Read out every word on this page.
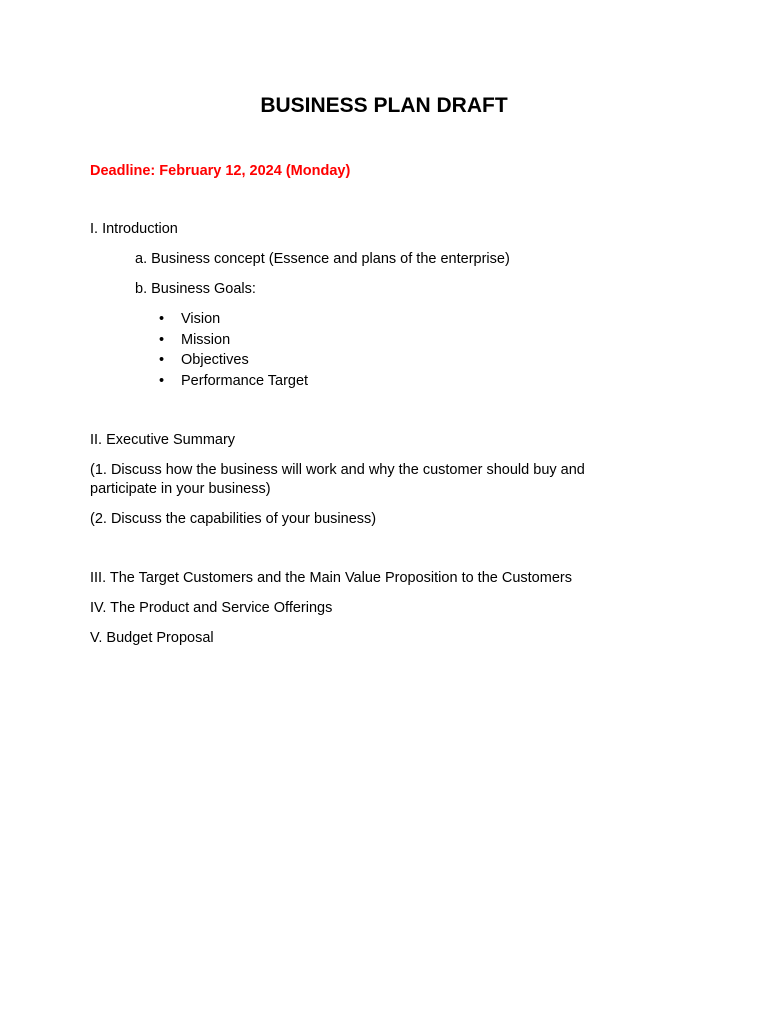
BUSINESS PLAN DRAFT
Deadline: February 12, 2024 (Monday)
I. Introduction
a. Business concept (Essence and plans of the enterprise)
b. Business Goals:
•	Vision
•	Mission
•	Objectives
•	Performance Target
II. Executive Summary
(1. Discuss how the business will work and why the customer should buy and participate in your business)
(2. Discuss the capabilities of your business)
III. The Target Customers and the Main Value Proposition to the Customers
IV. The Product and Service Offerings
V. Budget Proposal
